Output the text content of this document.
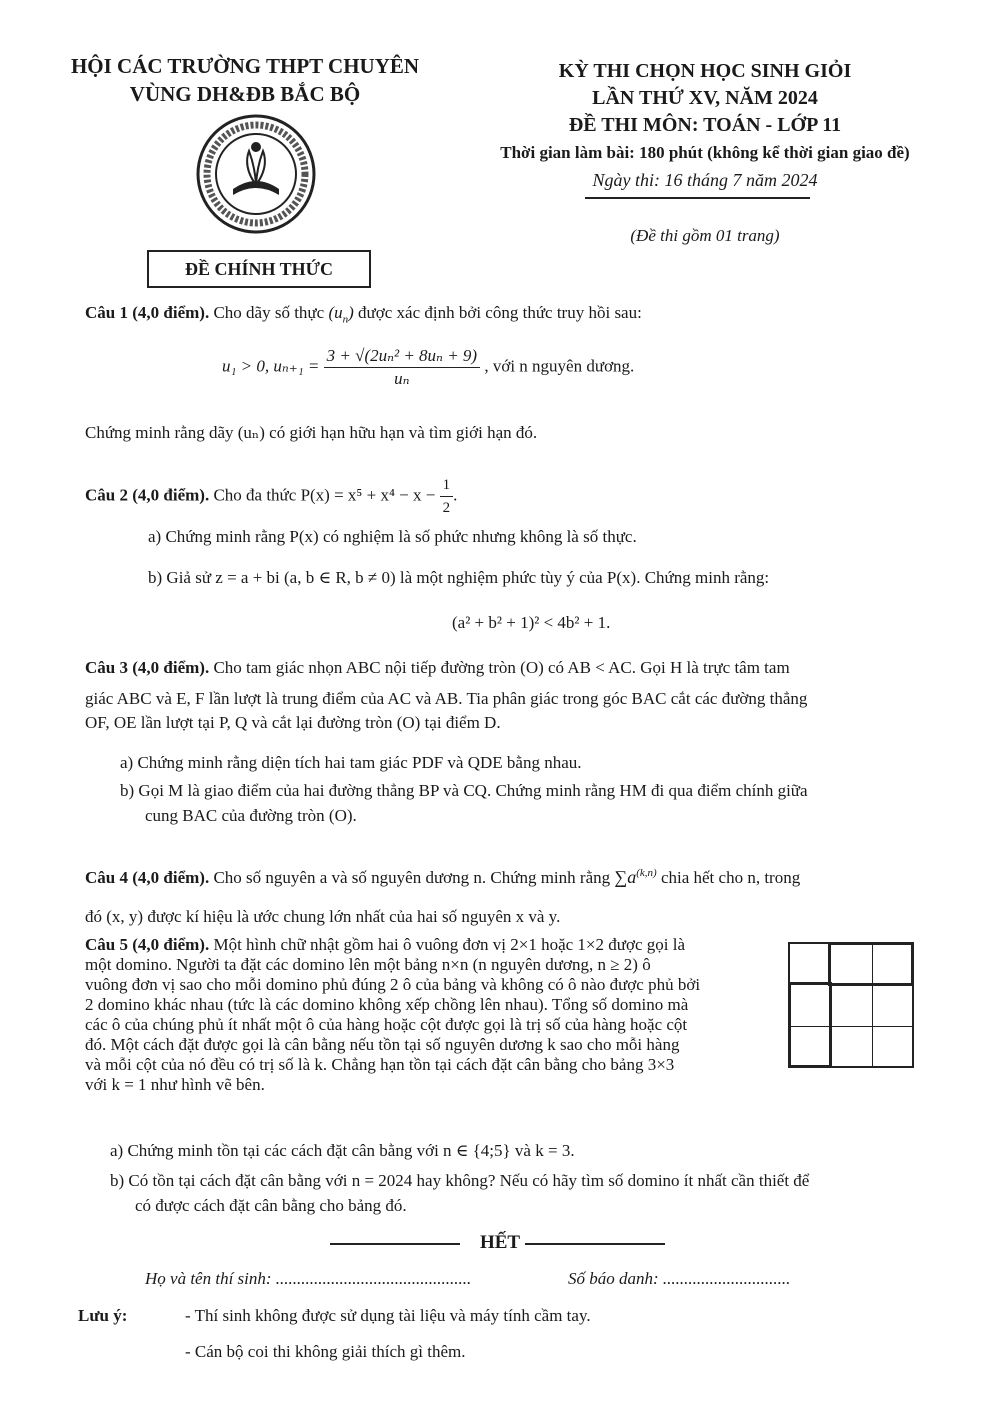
HỘI CÁC TRƯỜNG THPT CHUYÊN
VÙNG DH&ĐB BẮC BỘ
ĐỀ CHÍNH THỨC
KỲ THI CHỌN HỌC SINH GIỎI
LẦN THỨ XV, NĂM 2024
ĐỀ THI MÔN: TOÁN - LỚP 11
Thời gian làm bài: 180 phút (không kể thời gian giao đề)
Ngày thi: 16 tháng 7 năm 2024
(Đề thi gồm 01 trang)
Câu 1 (4,0 điểm). Cho dãy số thực $(u_n)$ được xác định bởi công thức truy hồi sau:
u₁ > 0, $u_{n+1} = \frac{\text{3 + √(2uₙ² + 8uₙ + 9)}}{\text{uₙ}}$ , với n nguyên dương.
Chứng minh rằng dãy (uₙ) có giới hạn hữu hạn và tìm giới hạn đó.
Câu 2 (4,0 điểm). Cho đa thức $P(x) = x^5 + x^4 - x - \frac{1}{2}$ .
a) Chứng minh rằng P(x) có nghiệm là số phức nhưng không là số thực.
b) Giả sử z = a + bi (a, b ∈ R, b ≠ 0) là một nghiệm phức tùy ý của P(x). Chứng minh rằng:
(a² + b² + 1)² < 4b² + 1.
Câu 3 (4,0 điểm). Cho tam giác nhọn ABC nội tiếp đường tròn (O) có AB < AC. Gọi H là trực tâm tam
giác ABC và E, F lần lượt là trung điểm của AC và AB. Tia phân giác trong góc BAC cắt các đường thẳng
OF, OE lần lượt tại P, Q và cắt lại đường tròn (O) tại điểm D.
a) Chứng minh rằng diện tích hai tam giác PDF và QDE bằng nhau.
b) Gọi M là giao điểm của hai đường thẳng BP và CQ. Chứng minh rằng HM đi qua điểm chính giữa
cung BAC của đường tròn (O).
Câu 4 (4,0 điểm). Cho số nguyên a và số nguyên dương n. Chứng minh rằng $\sum a^{(k,n)}$ chia hết cho n, trong
đó (x, y) được kí hiệu là ước chung lớn nhất của hai số nguyên x và y.
Câu 5 (4,0 điểm). Một hình chữ nhật gồm hai ô vuông đơn vị 2×1 hoặc 1×2 được gọi là
một domino. Người ta đặt các domino lên một bảng n×n (n nguyên dương, n ≥ 2) ô
vuông đơn vị sao cho mỗi domino phủ đúng 2 ô của bảng và không có ô nào được phủ bởi
2 domino khác nhau (tức là các domino không xếp chồng lên nhau). Tổng số domino mà
các ô của chúng phủ ít nhất một ô của hàng hoặc cột được gọi là trị số của hàng hoặc cột
đó. Một cách đặt được gọi là cân bằng nếu tồn tại số nguyên dương k sao cho mỗi hàng
và mỗi cột của nó đều có trị số là k. Chẳng hạn tồn tại cách đặt cân bằng cho bảng 3×3
với k = 1 như hình vẽ bên.
a) Chứng minh tồn tại các cách đặt cân bằng với n ∈ {4;5} và k = 3.
b) Có tồn tại cách đặt cân bằng với n = 2024 hay không? Nếu có hãy tìm số domino ít nhất cần thiết để
có được cách đặt cân bằng cho bảng đó.
HẾT
Họ và tên thí sinh: ..............................................	Số báo danh: ..............................
Lưu ý:	- Thí sinh không được sử dụng tài liệu và máy tính cầm tay.
- Cán bộ coi thi không giải thích gì thêm.
